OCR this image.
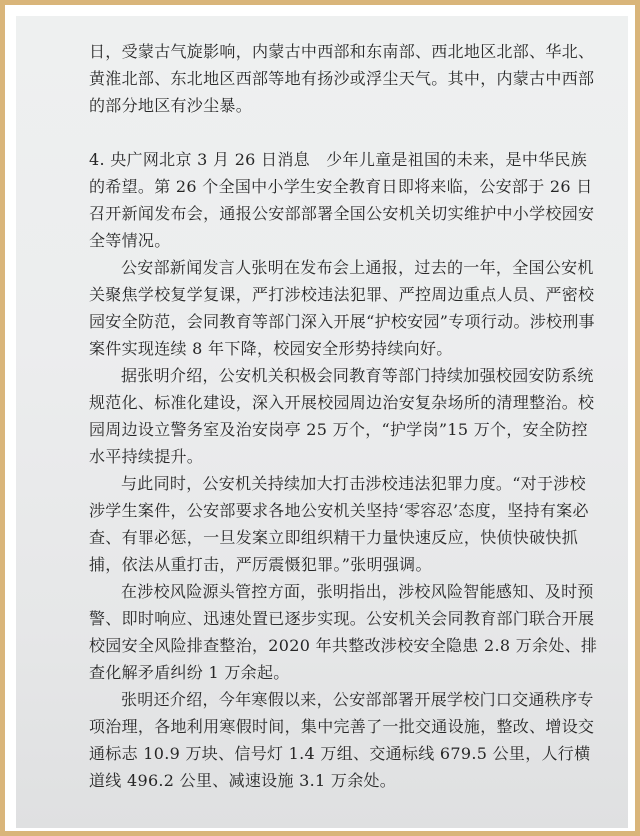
日，受蒙古气旋影响，内蒙古中西部和东南部、西北地区北部、华北、黄淮北部、东北地区西部等地有扬沙或浮尘天气。其中，内蒙古中西部的部分地区有沙尘暴。

4. 央广网北京 3 月 26 日消息　少年儿童是祖国的未来，是中华民族的希望。第 26 个全国中小学生安全教育日即将来临，公安部于 26 日召开新闻发布会，通报公安部部署全国公安机关切实维护中小学校园安全等情况。

公安部新闻发言人张明在发布会上通报，过去的一年，全国公安机关聚焦学校复学复课，严打涉校违法犯罪、严控周边重点人员、严密校园安全防范，会同教育等部门深入开展“护校安园”专项行动。涉校刑事案件实现连续 8 年下降，校园安全形势持续向好。

据张明介绍，公安机关积极会同教育等部门持续加强校园安防系统规范化、标准化建设，深入开展校园周边治安复杂场所的清理整治。校园周边设立警务室及治安岗亭 25 万个，“护学岗”15 万个，安全防控水平持续提升。

与此同时，公安机关持续加大打击涉校违法犯罪力度。“对于涉校涉学生案件，公安部要求各地公安机关坚持‘零容忍’态度，坚持有案必查、有罪必惩，一旦发案立即组织精干力量快速反应，快侦快破快抓捕，依法从重打击，严厉震慑犯罪。”张明强调。

在涉校风险源头管控方面，张明指出，涉校风险智能感知、及时预警、即时响应、迅速处置已逐步实现。公安机关会同教育部门联合开展校园安全风险排查整治，2020 年共整改涉校安全隐患 2.8 万余处、排查化解矛盾纠纷 1 万余起。

张明还介绍，今年寒假以来，公安部部署开展学校门口交通秩序专项治理，各地利用寒假时间，集中完善了一批交通设施，整改、增设交通标志 10.9 万块、信号灯 1.4 万组、交通标线 679.5 公里，人行横道线 496.2 公里、减速设施 3.1 万余处。
